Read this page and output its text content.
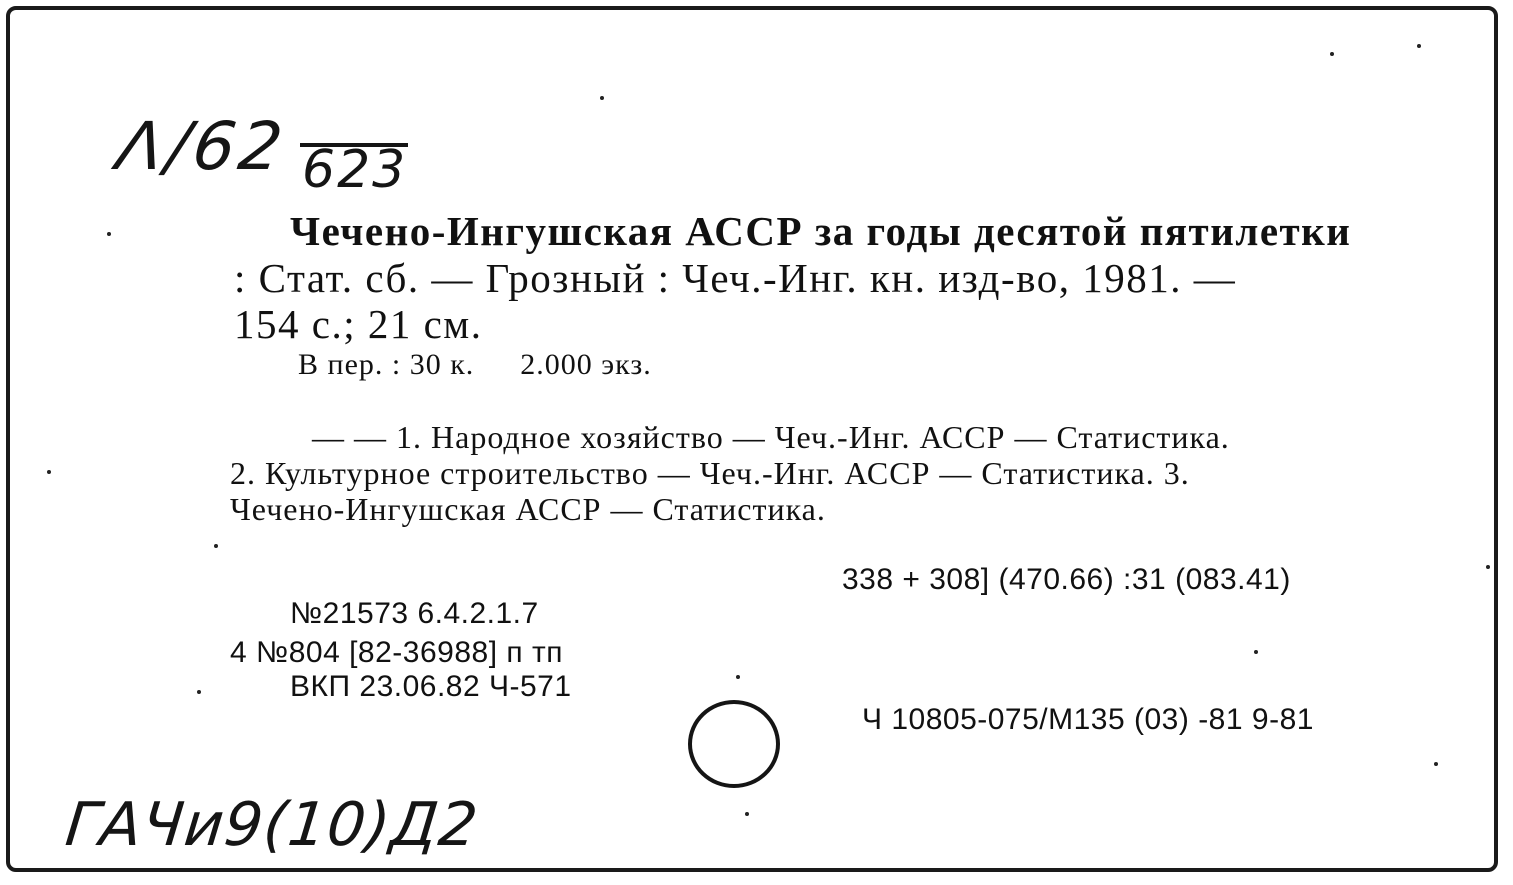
Λ/62 623
Чечено-Ингушская АССР за годы десятой пятилетки
: Стат. сб. — Грозный : Чеч.-Инг. кн. изд-во, 1981. —
154 с.; 21 см.
В пер. : 30 к. 2.000 экз.
— — 1. Народное хозяйство — Чеч.-Инг. АССР — Статистика.
2. Культурное строительство — Чеч.-Инг. АССР — Статистика. 3.
Чечено-Ингушская АССР — Статистика.
338 + 308] (470.66) :31 (083.41)
№21573 6.4.2.1.7
4 №804 [82-36988] п тп
ВКП 23.06.82 Ч-571
Ч 10805-075/М135 (03) -81 9-81
ГАЧи9(10)Д2
